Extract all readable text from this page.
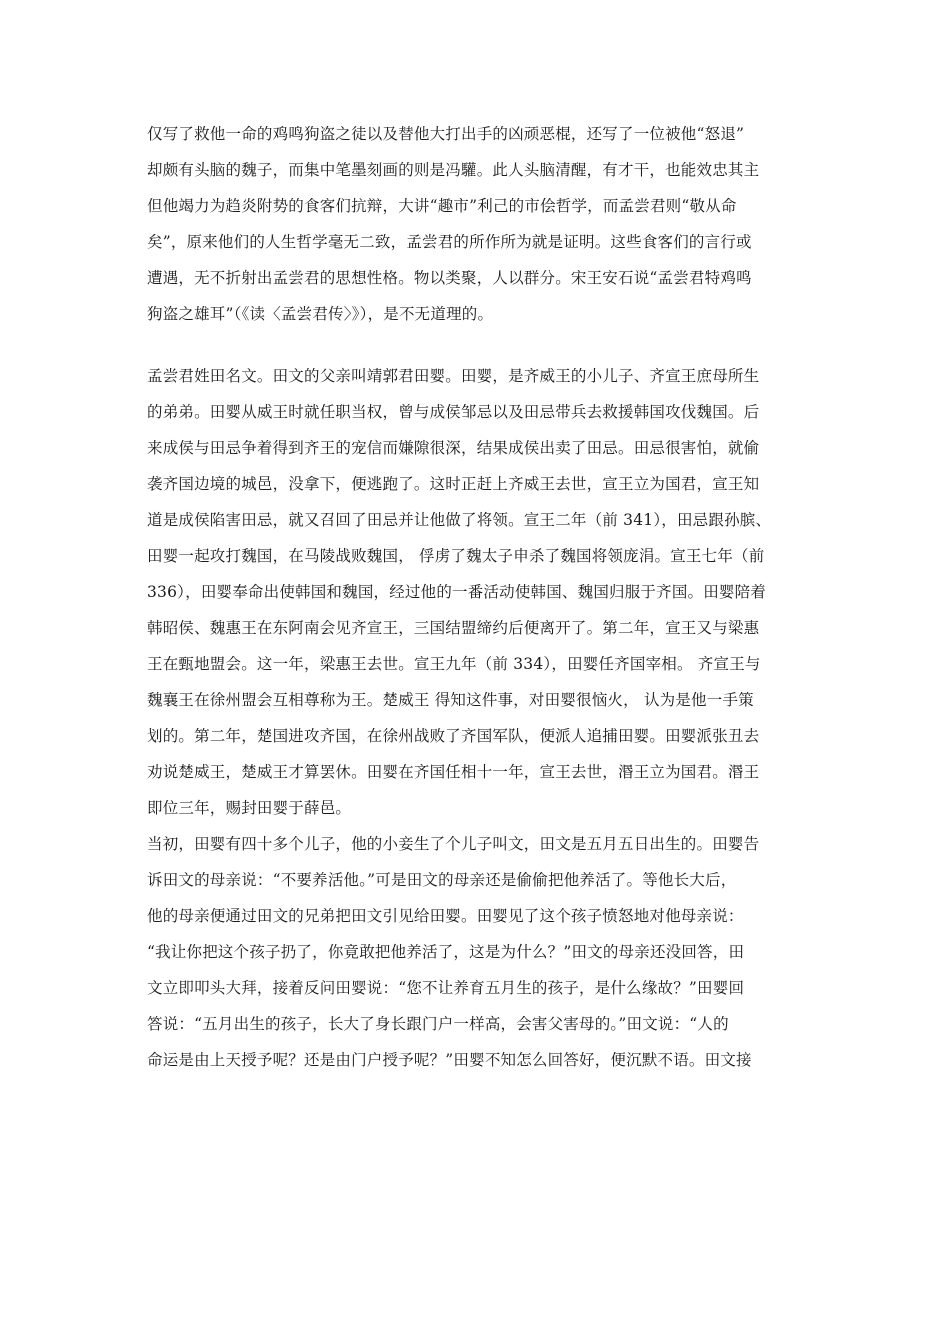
仅写了救他一命的鸡鸣狗盗之徒以及替他大打出手的凶顽恶棍，还写了一位被他“怒退”
却颇有头脑的魏子，而集中笔墨刻画的则是冯驩。此人头脑清醒，有才干，也能效忠其主
但他竭力为趋炎附势的食客们抗辩，大讲“趣市”利己的市侩哲学，而孟尝君则“敬从命
矣”，原来他们的人生哲学毫无二致，孟尝君的所作所为就是证明。这些食客们的言行或
遭遇，无不折射出孟尝君的思想性格。物以类聚，人以群分。宋王安石说“孟尝君特鸡鸣
狗盗之雄耳”（《读〈孟尝君传〉》），是不无道理的。
孟尝君姓田名文。田文的父亲叫靖郭君田婴。田婴，是齐威王的小儿子、齐宣王庶母所生
的弟弟。田婴从威王时就任职当权，曾与成侯邹忌以及田忌带兵去救援韩国攻伐魏国。后
来成侯与田忌争着得到齐王的宠信而嫌隙很深，结果成侯出卖了田忌。田忌很害怕，就偷
袭齐国边境的城邑，没拿下，便逃跑了。这时正赶上齐威王去世，宣王立为国君，宣王知
道是成侯陷害田忌，就又召回了田忌并让他做了将领。宣王二年（前 341），田忌跟孙膑、
田婴一起攻打魏国，在马陵战败魏国， 俘虏了魏太子申杀了魏国将领庞涓。宣王七年（前
336），田婴奉命出使韩国和魏国，经过他的一番活动使韩国、魏国归服于齐国。田婴陪着
韩昭侯、魏惠王在东阿南会见齐宣王，三国结盟缔约后便离开了。第二年，宣王又与梁惠
王在甄地盟会。这一年，梁惠王去世。宣王九年（前 334），田婴任齐国宰相。 齐宣王与
魏襄王在徐州盟会互相尊称为王。楚威王 得知这件事，对田婴很恼火， 认为是他一手策
划的。第二年，楚国进攻齐国，在徐州战败了齐国军队，便派人追捕田婴。田婴派张丑去
劝说楚威王，楚威王才算罢休。田婴在齐国任相十一年，宣王去世，湣王立为国君。湣王
即位三年，赐封田婴于薛邑。
当初，田婴有四十多个儿子，他的小妾生了个儿子叫文，田文是五月五日出生的。田婴告
诉田文的母亲说：“不要养活他。”可是田文的母亲还是偷偷把他养活了。等他长大后，
他的母亲便通过田文的兄弟把田文引见给田婴。田婴见了这个孩子愤怒地对他母亲说：
“我让你把这个孩子扔了，你竟敢把他养活了，这是为什么？”田文的母亲还没回答，田
文立即叩头大拜，接着反问田婴说：“您不让养育五月生的孩子，是什么缘故？”田婴回
答说：“五月出生的孩子，长大了身长跟门户一样高，会害父害母的。”田文说：“人的
命运是由上天授予呢？还是由门户授予呢？”田婴不知怎么回答好，便沉默不语。田文接
